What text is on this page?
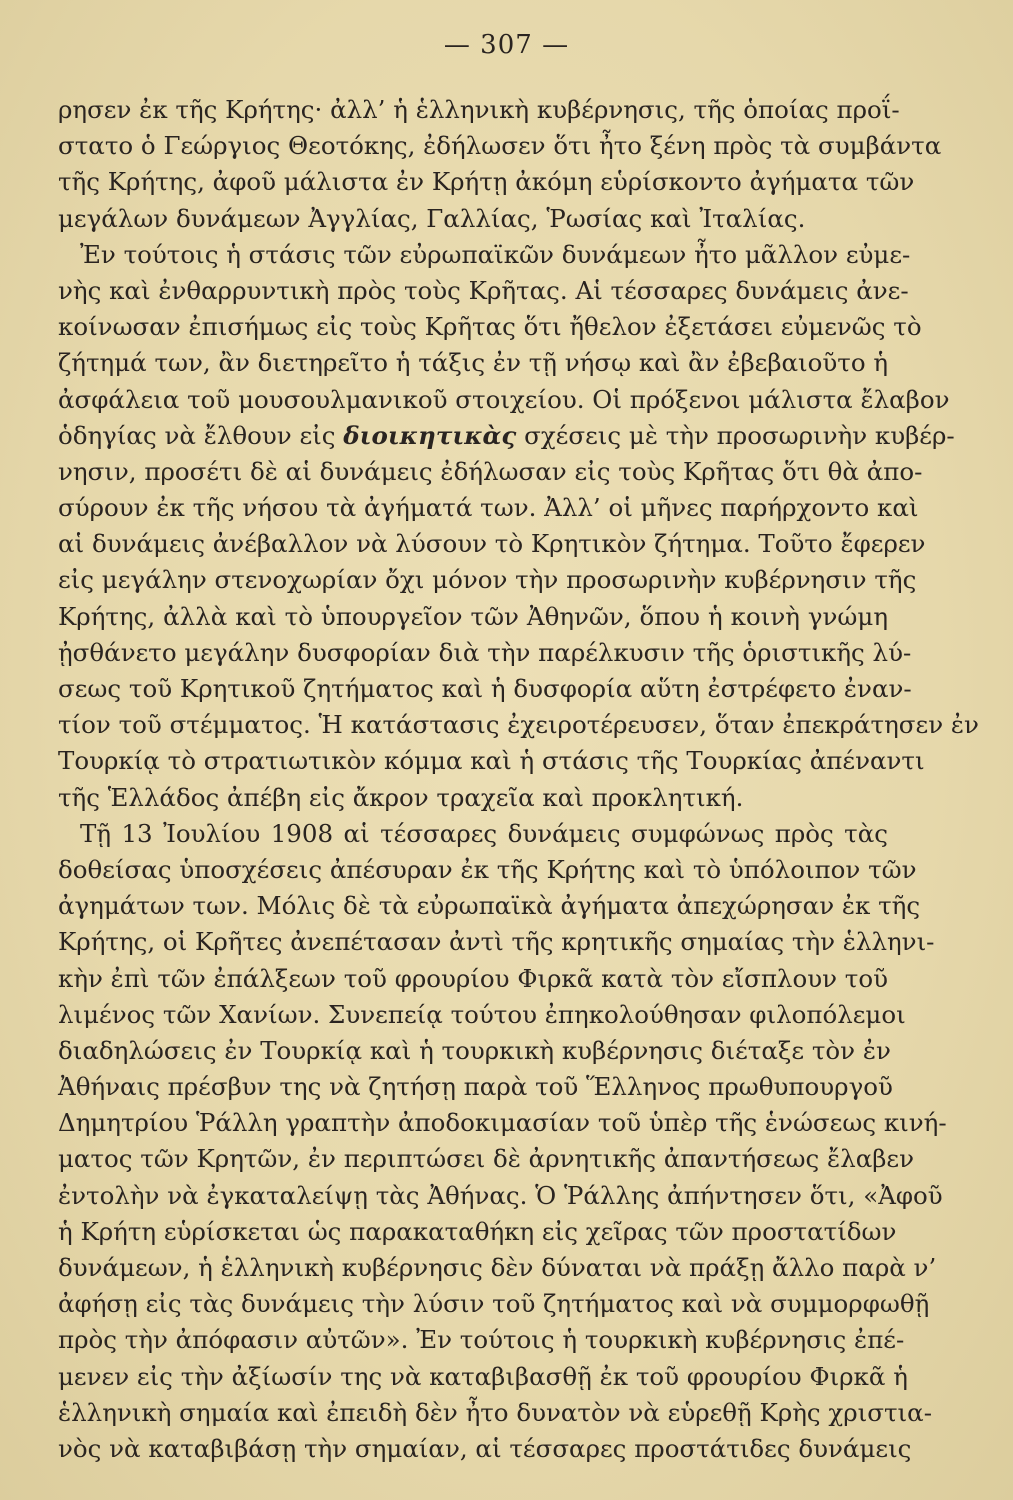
— 307 —
ρησεν ἐκ τῆς Κρήτης· ἀλλ’ ἡ ἑλληνικὴ κυβέρνησις, τῆς ὁποίας προΐ-
στατο ὁ Γεώργιος Θεοτόκης, ἐδήλωσεν ὅτι ἦτο ξένη πρὸς τὰ συμβάντα
τῆς Κρήτης, ἀφοῦ μάλιστα ἐν Κρήτῃ ἀκόμη εὑρίσκοντο ἀγήματα τῶν
μεγάλων δυνάμεων Ἀγγλίας, Γαλλίας, Ῥωσίας καὶ Ἰταλίας.
Ἐν τούτοις ἡ στάσις τῶν εὐρωπαϊκῶν δυνάμεων ἦτο μᾶλλον εὐμε-
νὴς καὶ ἐνθαρρυντικὴ πρὸς τοὺς Κρῆτας. Αἱ τέσσαρες δυνάμεις ἀνε-
κοίνωσαν ἐπισήμως εἰς τοὺς Κρῆτας ὅτι ἤθελον ἐξετάσει εὐμενῶς τὸ
ζήτημά των, ἂν διετηρεῖτο ἡ τάξις ἐν τῇ νήσῳ καὶ ἂν ἐβεβαιοῦτο ἡ
ἀσφάλεια τοῦ μουσουλμανικοῦ στοιχείου. Οἱ πρόξενοι μάλιστα ἔλαβον
ὁδηγίας νὰ ἔλθουν εἰς διοικητικὰς σχέσεις μὲ τὴν προσωρινὴν κυβέρ-
νησιν, προσέτι δὲ αἱ δυνάμεις ἐδήλωσαν εἰς τοὺς Κρῆτας ὅτι θὰ ἀπο-
σύρουν ἐκ τῆς νήσου τὰ ἀγήματά των. Ἀλλ’ οἱ μῆνες παρήρχοντο καὶ
αἱ δυνάμεις ἀνέβαλλον νὰ λύσουν τὸ Κρητικὸν ζήτημα. Τοῦτο ἔφερεν
εἰς μεγάλην στενοχωρίαν ὄχι μόνον τὴν προσωρινὴν κυβέρνησιν τῆς
Κρήτης, ἀλλὰ καὶ τὸ ὑπουργεῖον τῶν Ἀθηνῶν, ὅπου ἡ κοινὴ γνώμη
ᾐσθάνετο μεγάλην δυσφορίαν διὰ τὴν παρέλκυσιν τῆς ὁριστικῆς λύ-
σεως τοῦ Κρητικοῦ ζητήματος καὶ ἡ δυσφορία αὕτη ἐστρέφετο ἐναν-
τίον τοῦ στέμματος. Ἡ κατάστασις ἐχειροτέρευσεν, ὅταν ἐπεκράτησεν ἐν
Τουρκίᾳ τὸ στρατιωτικὸν κόμμα καὶ ἡ στάσις τῆς Τουρκίας ἀπέναντι
τῆς Ἑλλάδος ἀπέβη εἰς ἄκρον τραχεῖα καὶ προκλητική.
Τῇ 13 Ἰουλίου 1908 αἱ τέσσαρες δυνάμεις συμφώνως πρὸς τὰς
δοθείσας ὑποσχέσεις ἀπέσυραν ἐκ τῆς Κρήτης καὶ τὸ ὑπόλοιπον τῶν
ἀγημάτων των. Μόλις δὲ τὰ εὐρωπαϊκὰ ἀγήματα ἀπεχώρησαν ἐκ τῆς
Κρήτης, οἱ Κρῆτες ἀνεπέτασαν ἀντὶ τῆς κρητικῆς σημαίας τὴν ἑλληνι-
κὴν ἐπὶ τῶν ἐπάλξεων τοῦ φρουρίου Φιρκᾶ κατὰ τὸν εἴσπλουν τοῦ
λιμένος τῶν Χανίων. Συνεπείᾳ τούτου ἐπηκολούθησαν φιλοπόλεμοι
διαδηλώσεις ἐν Τουρκίᾳ καὶ ἡ τουρκικὴ κυβέρνησις διέταξε τὸν ἐν
Ἀθήναις πρέσβυν της νὰ ζητήσῃ παρὰ τοῦ Ἕλληνος πρωθυπουργοῦ
Δημητρίου Ῥάλλη γραπτὴν ἀποδοκιμασίαν τοῦ ὑπὲρ τῆς ἑνώσεως κινή-
ματος τῶν Κρητῶν, ἐν περιπτώσει δὲ ἀρνητικῆς ἀπαντήσεως ἔλαβεν
ἐντολὴν νὰ ἐγκαταλείψῃ τὰς Ἀθήνας. Ὁ Ῥάλλης ἀπήντησεν ὅτι, «Ἀφοῦ
ἡ Κρήτη εὑρίσκεται ὡς παρακαταθήκη εἰς χεῖρας τῶν προστατίδων
δυνάμεων, ἡ ἑλληνικὴ κυβέρνησις δὲν δύναται νὰ πράξῃ ἄλλο παρὰ ν’
ἀφήσῃ εἰς τὰς δυνάμεις τὴν λύσιν τοῦ ζητήματος καὶ νὰ συμμορφωθῇ
πρὸς τὴν ἀπόφασιν αὐτῶν». Ἐν τούτοις ἡ τουρκικὴ κυβέρνησις ἐπέ-
μενεν εἰς τὴν ἀξίωσίν της νὰ καταβιβασθῇ ἐκ τοῦ φρουρίου Φιρκᾶ ἡ
ἑλληνικὴ σημαία καὶ ἐπειδὴ δὲν ἦτο δυνατὸν νὰ εὑρεθῇ Κρὴς χριστια-
νὸς νὰ καταβιβάσῃ τὴν σημαίαν, αἱ τέσσαρες προστάτιδες δυνάμεις
